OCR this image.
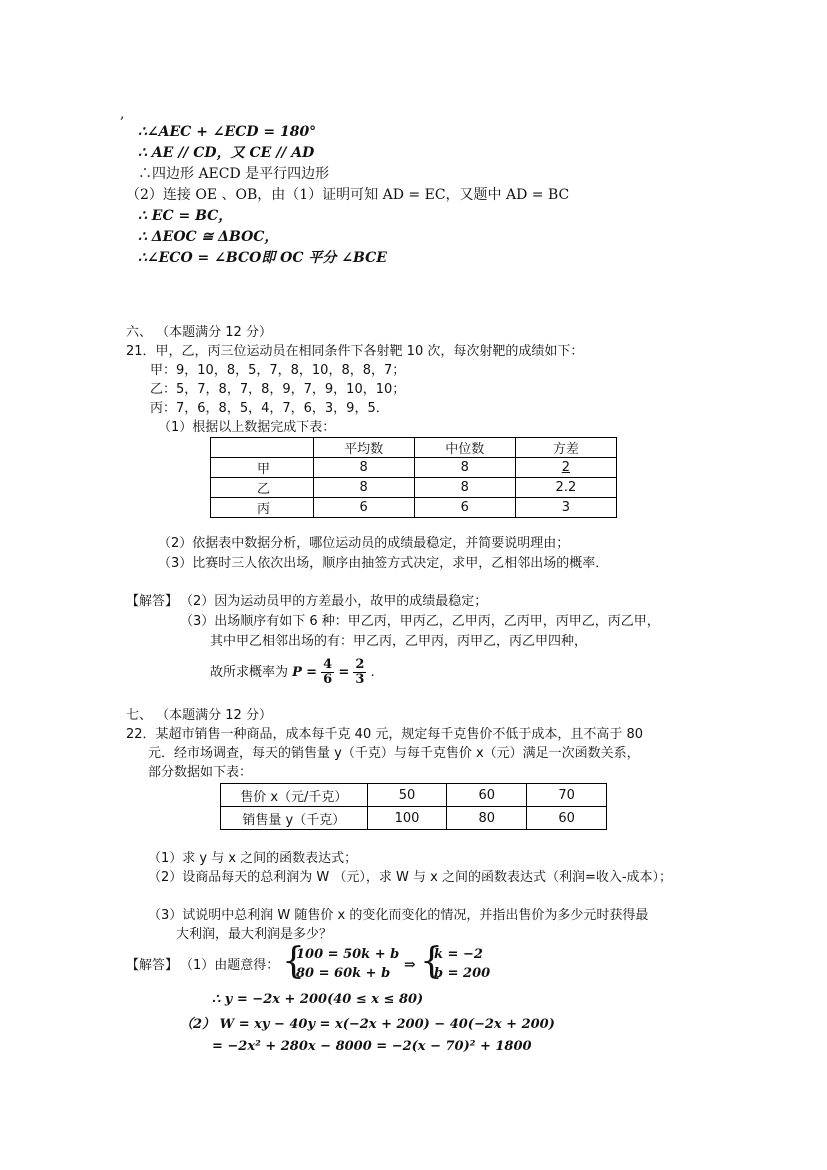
,
∴∠AEC + ∠ECD = 180°
∴ AE // CD，又 CE // AD
∴四边形 AECD 是平行四边形
（2）连接 OE 、OB，由（1）证明可知 AD = EC，又题中 AD = BC
∴ EC = BC，
∴ ΔEOC ≅ ΔBOC，
∴∠ECO = ∠BCO即 OC 平分 ∠BCE
六、 （本题满分 12 分）
21．甲，乙，丙三位运动员在相同条件下各射靶 10 次，每次射靶的成绩如下：
甲：9，10，8，5，7，8，10，8，8，7；
乙：5，7，8，7，8，9，7，9，10，10；
丙：7，6，8，5，4，7，6，3，9，5．
（1）根据以上数据完成下表：
	平均数	中位数	方差
甲	8	8	2
乙	8	8	2.2
丙	6	6	3
（2）依据表中数据分析，哪位运动员的成绩最稳定，并简要说明理由；
（3）比赛时三人依次出场，顺序由抽签方式决定，求甲，乙相邻出场的概率．
【解答】 （2）因为运动员甲的方差最小，故甲的成绩最稳定；
（3）出场顺序有如下 6 种：甲乙丙，甲丙乙，乙甲丙，乙丙甲，丙甲乙，丙乙甲，
其中甲乙相邻出场的有：甲乙丙，乙甲丙，丙甲乙，丙乙甲四种，
故所求概率为 $P = \frac{4}{6} = \frac{2}{3}$ .
七、 （本题满分 12 分）
22．某超市销售一种商品，成本每千克 40 元，规定每千克售价不低于成本，且不高于 80
元．经市场调查，每天的销售量 y（千克）与每千克售价 x（元）满足一次函数关系，
部分数据如下表：
售价 x（元/千克）	50	60	70
销售量 y（千克）	100	80	60
（1）求 y 与 x 之间的函数表达式；
（2）设商品每天的总利润为 W （元），求 W 与 x 之间的函数表达式（利润=收入-成本）；
（3）试说明中总利润 W 随售价 x 的变化而变化的情况，并指出售价为多少元时获得最
大利润，最大利润是多少？
【解答】 （1）由题意得： {
100 = 50k + b
80 = 60k + b
⇒ {
k = −2
b = 200
∴ y = −2x + 200(40 ≤ x ≤ 80)
（2） W = xy − 40y = x(−2x + 200) − 40(−2x + 200)
= −2x² + 280x − 8000 = −2(x − 70)² + 1800
